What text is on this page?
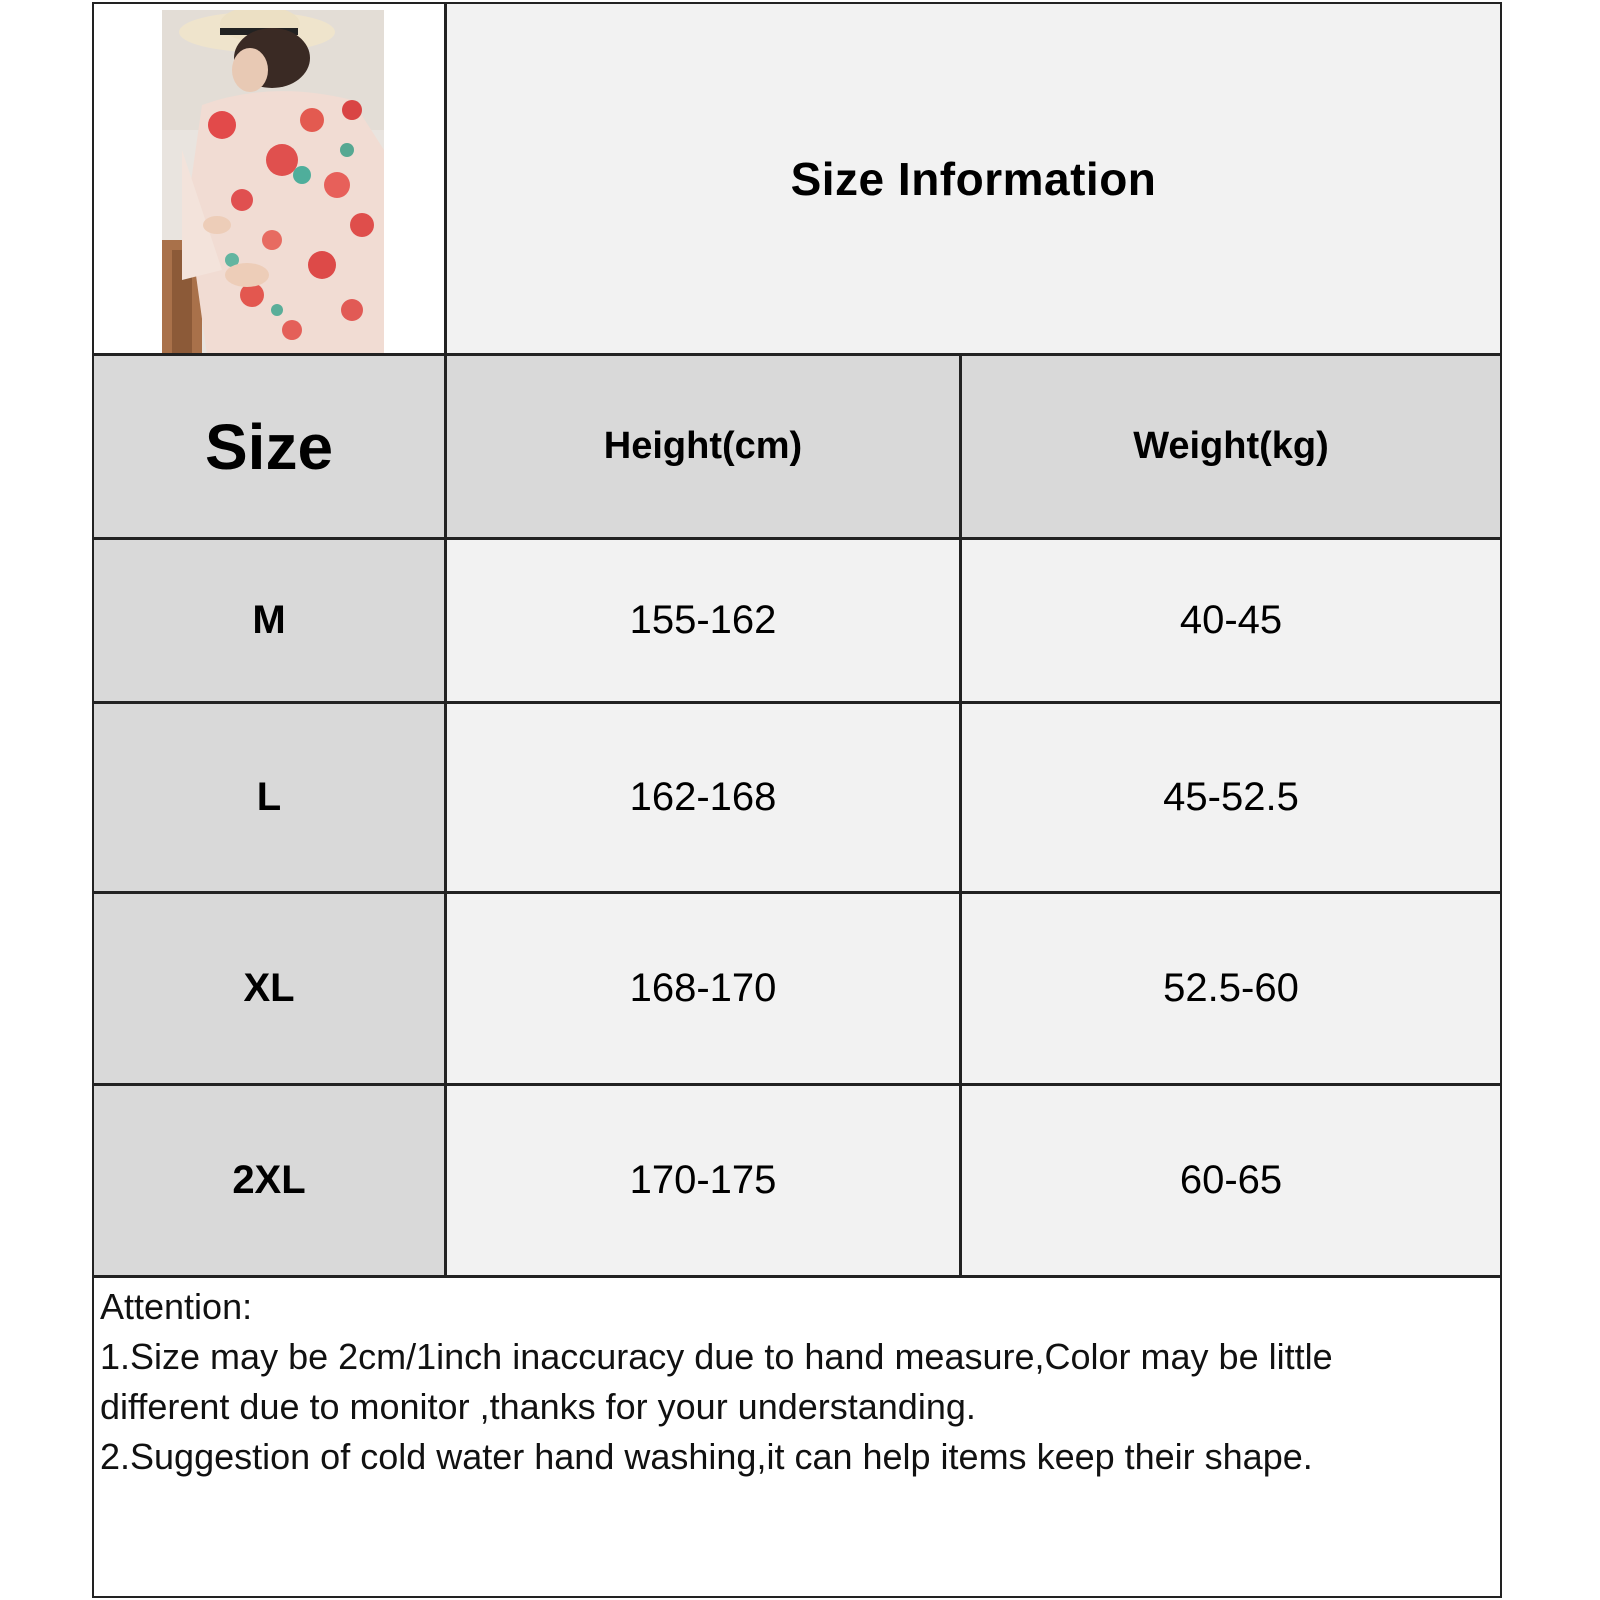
Size Information
Size	Height(cm)	Weight(kg)
M	155-162	40-45
L	162-168	45-52.5
XL	168-170	52.5-60
2XL	170-175	60-65
Attention:
1.Size may be 2cm/1inch inaccuracy due to hand measure,Color may be little
different due to monitor ,thanks for your understanding.
2.Suggestion of cold water hand washing,it can help items keep their shape.
